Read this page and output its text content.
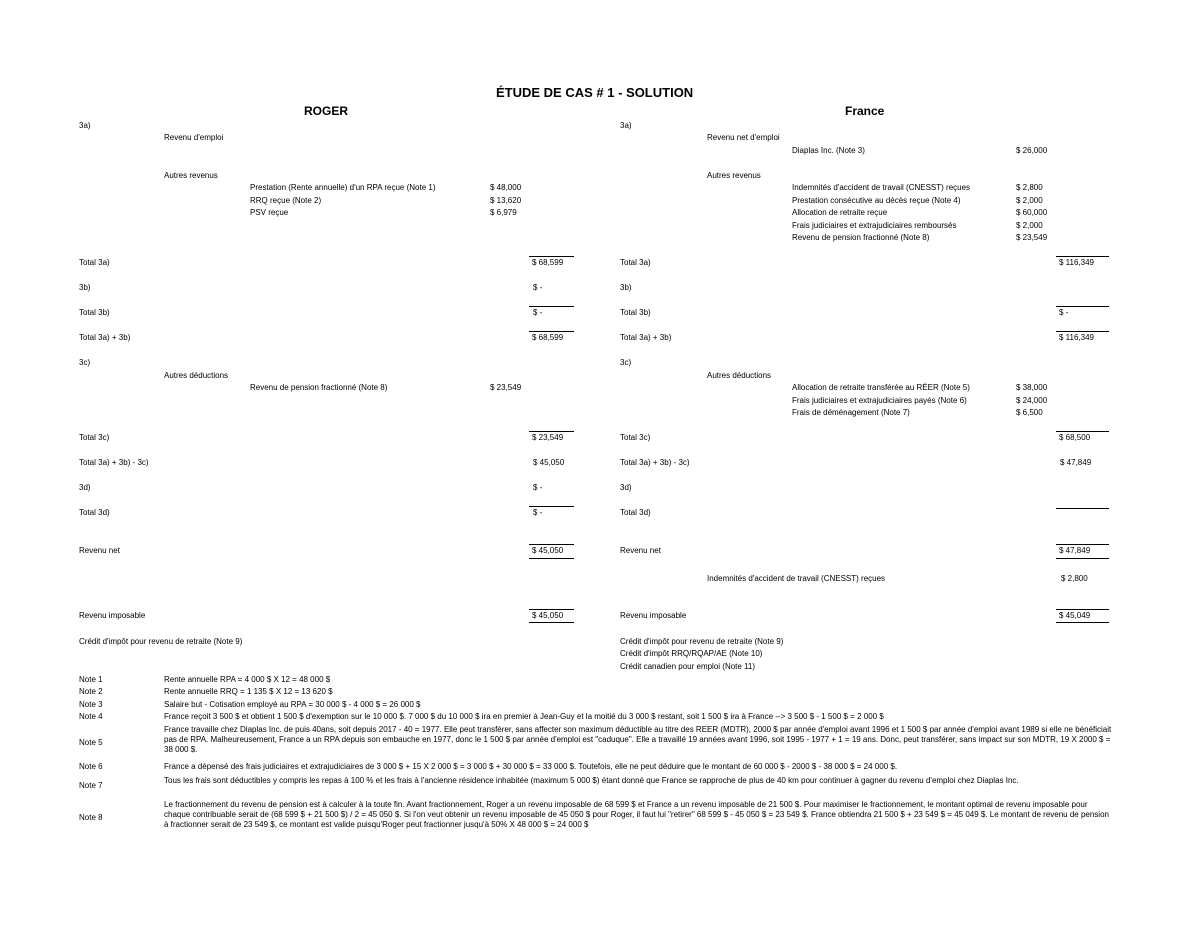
ÉTUDE DE CAS # 1 - SOLUTION
ROGER	France
3a)
Revenu d'emploi
Autres revenus
Prestation (Rente annuelle) d'un RPA reçue (Note 1)	$ 48,000
RRQ reçue (Note 2)	$ 13,620
PSV reçue	$ 6,979
Total 3a)	$ 68,599
3b)	$ -
Total 3b)	$ -
Total 3a) + 3b)	$ 68,599
3c)
Autres déductions
Revenu de pension fractionné (Note 8)	$ 23,549
Total 3c)	$ 23,549
Total 3a) + 3b) - 3c)	$ 45,050
3d)	$ -
Total 3d)	$ -
Revenu net	$ 45,050
Revenu imposable	$ 45,050
Crédit d'impôt pour revenu de retraite (Note 9)
3a)
Revenu net d'emploi
Diaplas Inc. (Note 3)	$ 26,000
Autres revenus
Indemnités d'accident de travail (CNESST) reçues	$ 2,800
Prestation consécutive au décès reçue (Note 4)	$ 2,000
Allocation de retraite reçue	$ 60,000
Frais judiciaires et extrajudiciaires remboursés	$ 2,000
Revenu de pension fractionné (Note 8)	$ 23,549
Total 3a)	$ 116,349
3b)
Total 3b)	$ -
Total 3a) + 3b)	$ 116,349
3c)
Autres déductions
Allocation de retraite transférée au RÉER (Note 5)	$ 38,000
Frais judiciaires et extrajudiciaires payés (Note 6)	$ 24,000
Frais de déménagement (Note 7)	$ 6,500
Total 3c)	$ 68,500
Total 3a) + 3b) - 3c)	$ 47,849
3d)
Total 3d)
Revenu net	$ 47,849
Indemnités d'accident de travail (CNESST) reçues	$ 2,800
Revenu imposable	$ 45,049
Crédit d'impôt pour revenu de retraite (Note 9)
Crédit d'impôt RRQ/RQAP/AE (Note 10)
Crédit canadien pour emploi (Note 11)
Note 1	Rente annuelle RPA = 4 000 $ X 12 = 48 000 $
Note 2	Rente annuelle RRQ = 1 135 $ X 12 = 13 620 $
Note 3	Salaire but - Cotisation employé au RPA = 30 000 $ - 4 000 $ = 26 000 $
Note 4	France reçoit 3 500 $ et obtient 1 500 $ d'exemption sur le 10 000 $. 7 000 $ du 10 000 $ ira en premier à Jean-Guy et la moitié du 3 000 $ restant, soit 1 500 $ ira à France --> 3 500 $ - 1 500 $ = 2 000 $
Note 5
France travaille chez Diaplas Inc. de puis 40ans, soit depuis 2017 - 40 = 1977. Elle peut transférer, sans affecter son maximum déductible au titre des REER (MDTR), 2000 $ par année d'emploi avant 1996 et 1 500 $ par année d'emploi avant 1989 si elle ne bénéficiait pas de RPA. Malheureusement, France a un RPA depuis son embauche en 1977, donc le 1 500 $ par année d'emploi est "caduque". Elle a travaillé 19 années avant 1996, soit 1995 - 1977 + 1 = 19 ans. Donc, peut transférer, sans impact sur son MDTR, 19 X 2000 $ = 38 000 $.
Note 6	France a dépensé des frais judiciaires et extrajudiciaires de 3 000 $ + 15 X 2 000 $ = 3 000 $ + 30 000 $ = 33 000 $. Toutefois, elle ne peut déduire que le montant de 60 000 $ - 2000 $ - 38 000 $ = 24 000 $.
Note 7
Tous les frais sont déductibles y compris les repas à 100 % et les frais à l'ancienne résidence inhabitée (maximum 5 000 $) étant donné que France se rapproche de plus de 40 km pour continuer à gagner du revenu d'emploi chez Diaplas Inc.
Note 8
Le fractionnement du revenu de pension est à calculer à la toute fin. Avant fractionnement, Roger a un revenu imposable de 68 599 $ et France a un revenu imposable de 21 500 $. Pour maximiser le fractionnement, le montant optimal de revenu imposable pour chaque contribuable serait de (68 599 $ + 21 500 $) / 2 = 45 050 $. Si l'on veut obtenir un revenu imposable de 45 050 $ pour Roger, il faut lui "retirer" 68 599 $ - 45 050 $ = 23 549 $. France obtiendra 21 500 $ + 23 549 $ = 45 049 $. Le montant de revenu de pension à fractionner serait de 23 549 $, ce montant est valide puisqu'Roger peut fractionner jusqu'à 50% X 48 000 $ = 24 000 $
